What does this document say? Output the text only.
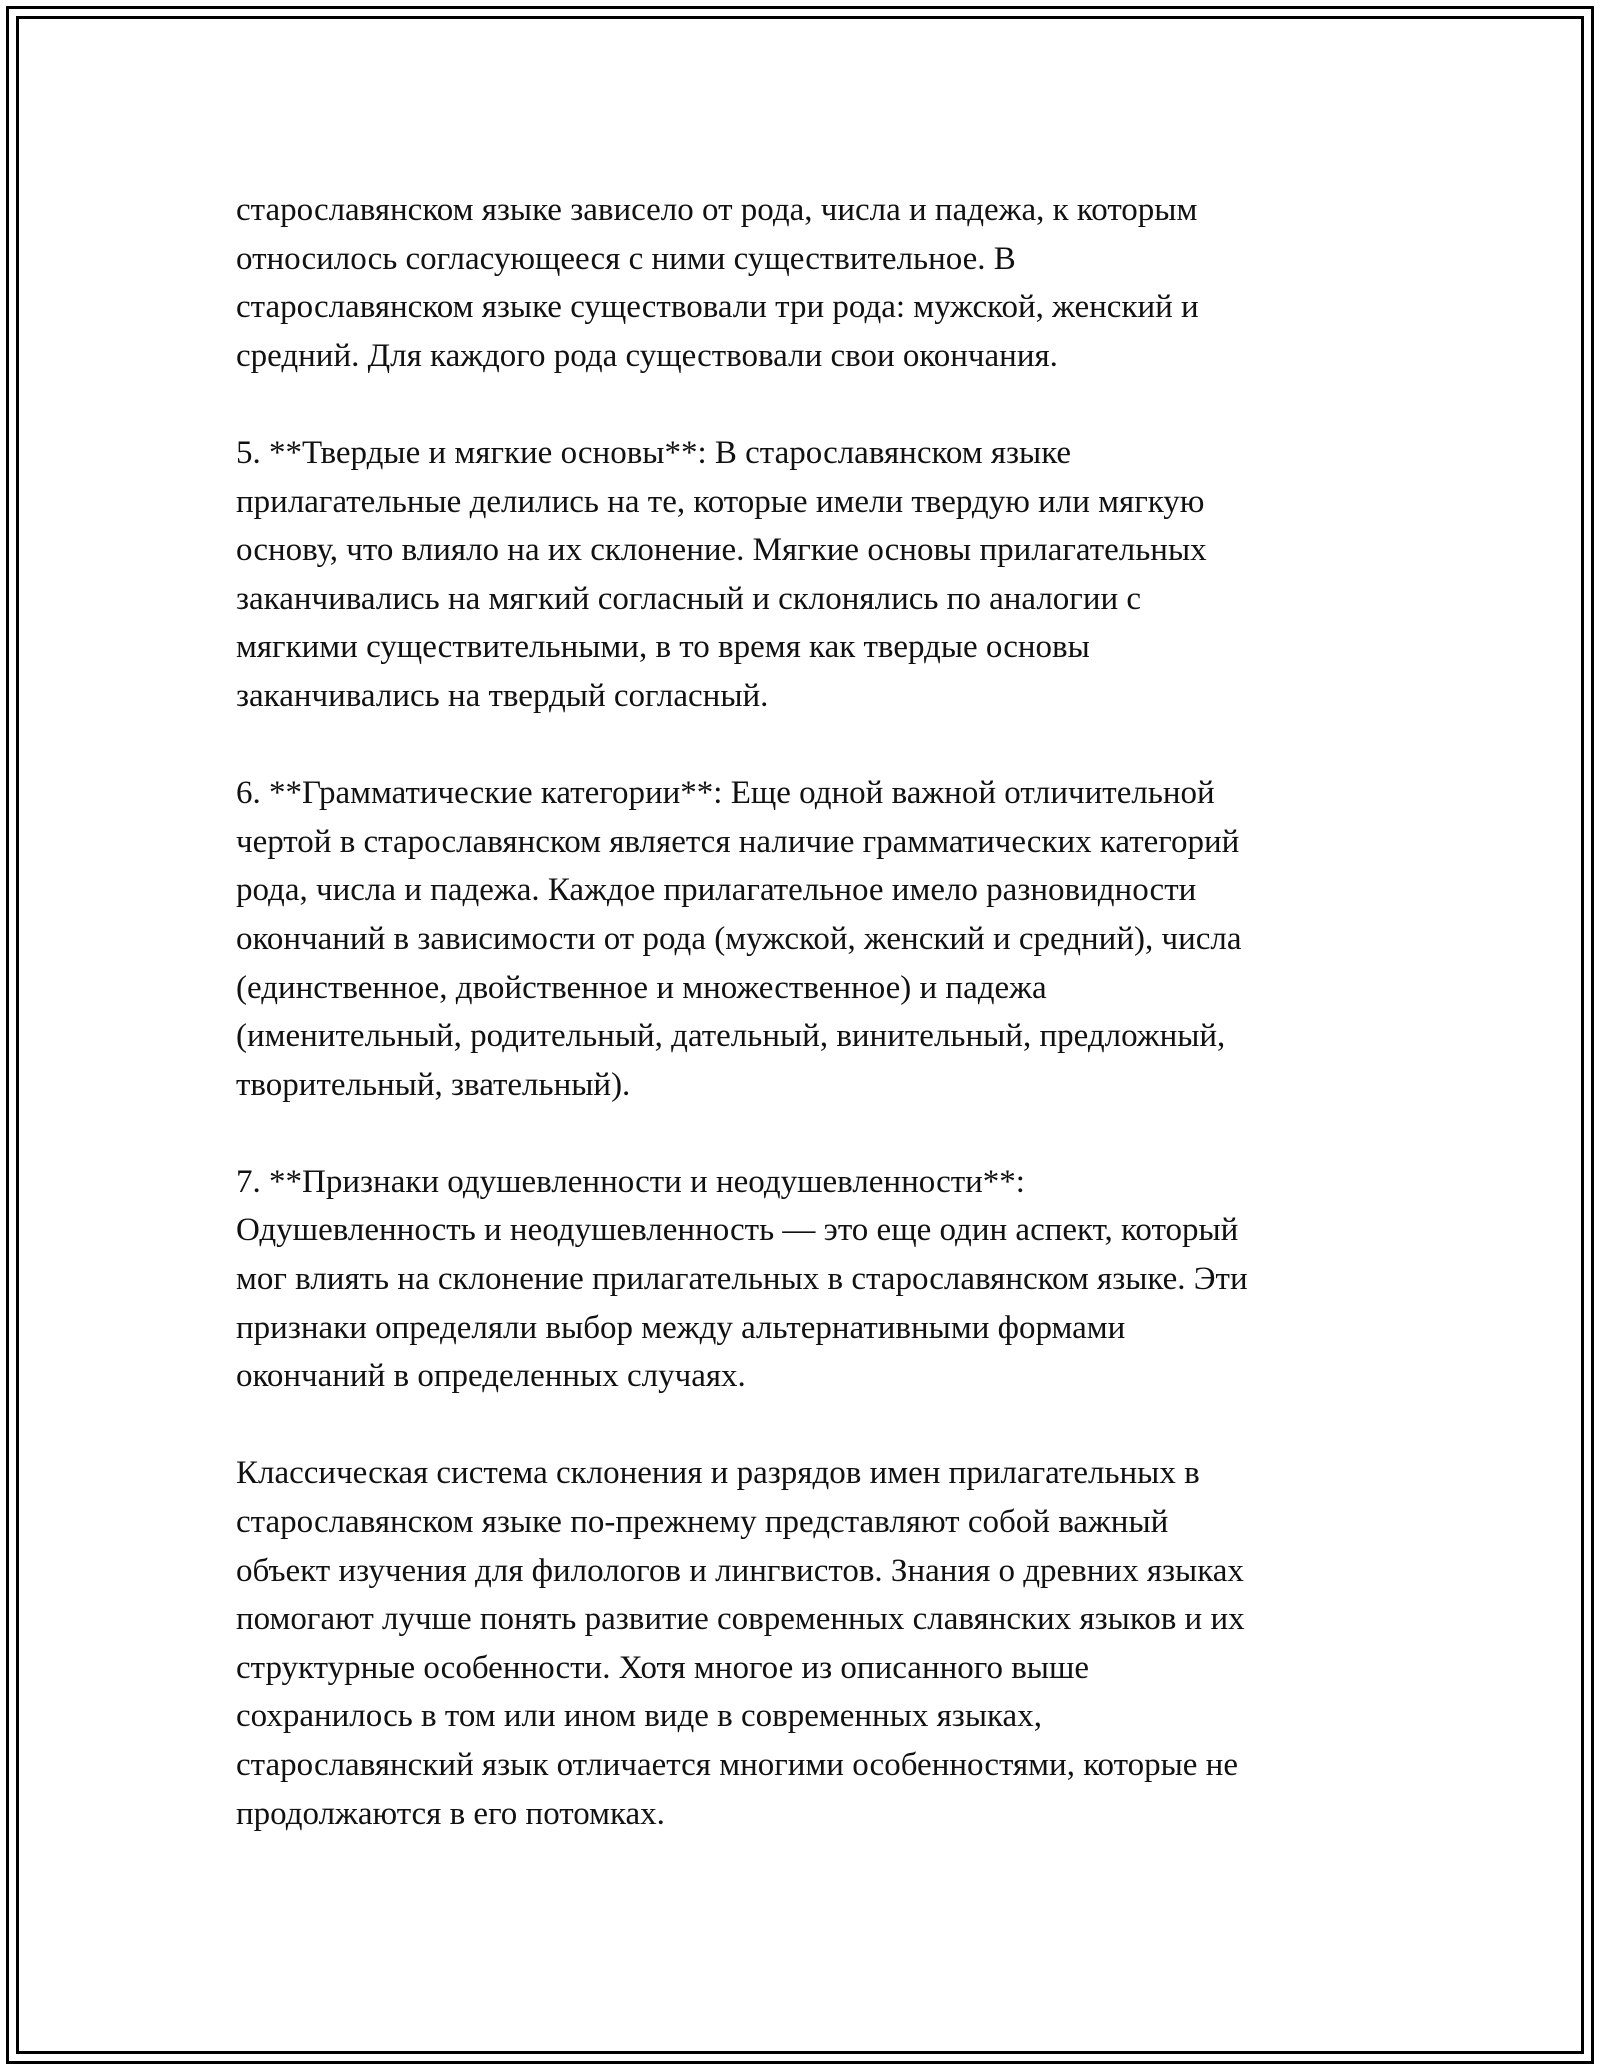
старославянском языке зависело от рода, числа и падежа, к которым
относилось согласующееся с ними существительное. В
старославянском языке существовали три рода: мужской, женский и
средний. Для каждого рода существовали свои окончания.

5. **Твердые и мягкие основы**: В старославянском языке
прилагательные делились на те, которые имели твердую или мягкую
основу, что влияло на их склонение. Мягкие основы прилагательных
заканчивались на мягкий согласный и склонялись по аналогии с
мягкими существительными, в то время как твердые основы
заканчивались на твердый согласный.

6. **Грамматические категории**: Еще одной важной отличительной
чертой в старославянском является наличие грамматических категорий
рода, числа и падежа. Каждое прилагательное имело разновидности
окончаний в зависимости от рода (мужской, женский и средний), числа
(единственное, двойственное и множественное) и падежа
(именительный, родительный, дательный, винительный, предложный,
творительный, звательный).

7. **Признаки одушевленности и неодушевленности**:
Одушевленность и неодушевленность — это еще один аспект, который
мог влиять на склонение прилагательных в старославянском языке. Эти
признаки определяли выбор между альтернативными формами
окончаний в определенных случаях.

Классическая система склонения и разрядов имен прилагательных в
старославянском языке по-прежнему представляют собой важный
объект изучения для филологов и лингвистов. Знания о древних языках
помогают лучше понять развитие современных славянских языков и их
структурные особенности. Хотя многое из описанного выше
сохранилось в том или ином виде в современных языках,
старославянский язык отличается многими особенностями, которые не
продолжаются в его потомках.
